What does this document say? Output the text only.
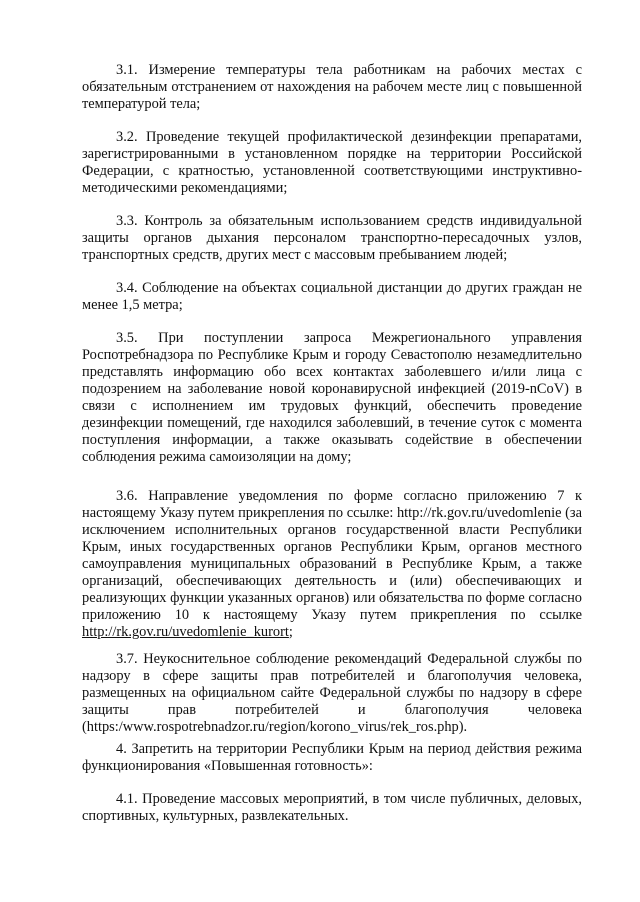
3.1. Измерение температуры тела работникам на рабочих местах с обязательным отстранением от нахождения на рабочем месте лиц с повышенной температурой тела;

3.2. Проведение текущей профилактической дезинфекции препаратами, зарегистрированными в установленном порядке на территории Российской Федерации, с кратностью, установленной соответствующими инструктивно-методическими рекомендациями;

3.3. Контроль за обязательным использованием средств индивидуальной защиты органов дыхания персоналом транспортно-пересадочных узлов, транспортных средств, других мест с массовым пребыванием людей;

3.4. Соблюдение на объектах социальной дистанции до других граждан не менее 1,5 метра;

3.5. При поступлении запроса Межрегионального управления Роспотребнадзора по Республике Крым и городу Севастополю незамедлительно представлять информацию обо всех контактах заболевшего и/или лица с подозрением на заболевание новой коронавирусной инфекцией (2019-nCoV) в связи с исполнением им трудовых функций, обеспечить проведение дезинфекции помещений, где находился заболевший, в течение суток с момента поступления информации, а также оказывать содействие в обеспечении соблюдения режима самоизоляции на дому;

3.6. Направление уведомления по форме согласно приложению 7 к настоящему Указу путем прикрепления по ссылке: http://rk.gov.ru/uvedomlenie (за исключением исполнительных органов государственной власти Республики Крым, иных государственных органов Республики Крым, органов местного самоуправления муниципальных образований в Республике Крым, а также организаций, обеспечивающих деятельность и (или) обеспечивающих и реализующих функции указанных органов) или обязательства по форме согласно приложению 10 к настоящему Указу путем прикрепления по ссылке http://rk.gov.ru/uvedomlenie_kurort;

3.7. Неукоснительное соблюдение рекомендаций Федеральной службы по надзору в сфере защиты прав потребителей и благополучия человека, размещенных на официальном сайте Федеральной службы по надзору в сфере защиты прав потребителей и благополучия человека (https:/www.rospotrebnadzor.ru/region/korono_virus/rek_ros.php).

4. Запретить на территории Республики Крым на период действия режима функционирования «Повышенная готовность»:

4.1. Проведение массовых мероприятий, в том числе публичных, деловых, спортивных, культурных, развлекательных.
